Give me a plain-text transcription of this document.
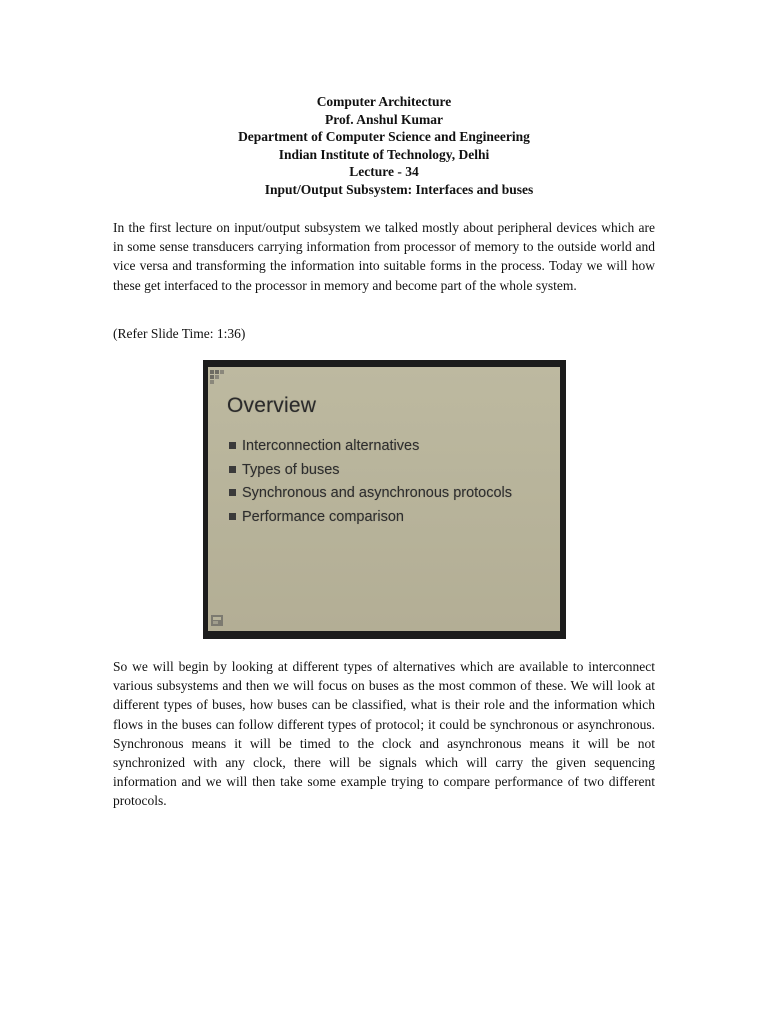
Computer Architecture
Prof. Anshul Kumar
Department of Computer Science and Engineering
Indian Institute of Technology, Delhi
Lecture - 34
Input/Output Subsystem: Interfaces and buses

In the first lecture on input/output subsystem we talked mostly about peripheral devices which are in some sense transducers carrying information from processor of memory to the outside world and vice versa and transforming the information into suitable forms in the process. Today we will how these get interfaced to the processor in memory and become part of the whole system.

(Refer Slide Time: 1:36)

Overview
Interconnection alternatives
Types of buses
Synchronous and asynchronous protocols
Performance comparison

So we will begin by looking at different types of alternatives which are available to interconnect various subsystems and then we will focus on buses as the most common of these. We will look at different types of buses, how buses can be classified, what is their role and the information which flows in the buses can follow different types of protocol; it could be synchronous or asynchronous. Synchronous means it will be timed to the clock and asynchronous means it will be not synchronized with any clock, there will be signals which will carry the given sequencing information and we will then take some example trying to compare performance of two different protocols.
